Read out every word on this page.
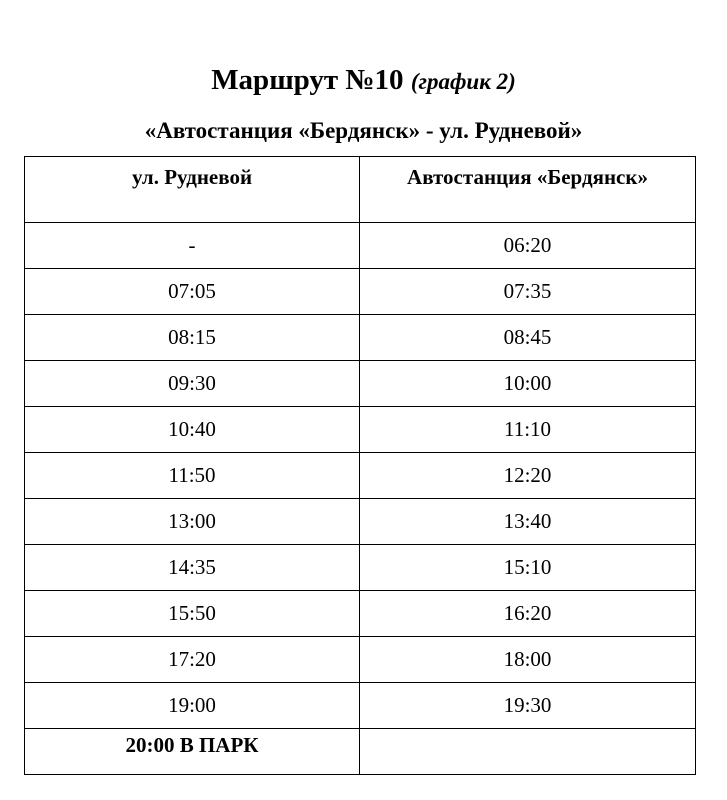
Маршрут №10 (график 2)
«Автостанция «Бердянск» - ул. Рудневой»
ул. Рудневой	Автостанция «Бердянск»
-	06:20
07:05	07:35
08:15	08:45
09:30	10:00
10:40	11:10
11:50	12:20
13:00	13:40
14:35	15:10
15:50	16:20
17:20	18:00
19:00	19:30
20:00 В ПАРК	
